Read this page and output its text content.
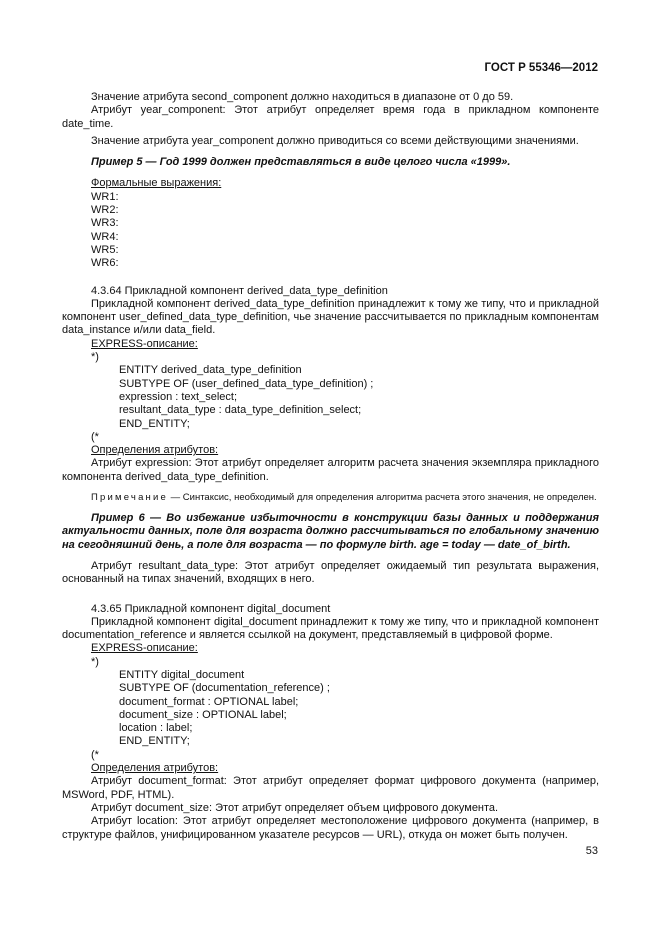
ГОСТ Р 55346—2012

Значение атрибута second_component должно находиться в диапазоне от 0 до 59.

Атрибут year_component: Этот атрибут определяет время года в прикладном компоненте date_time.

Значение атрибута year_component должно приводиться со всеми действующими значениями.

Пример 5 — Год 1999 должен представляться в виде целого числа «1999».

Формальные выражения:

WR1:

WR2:

WR3:

WR4:

WR5:

WR6:

4.3.64 Прикладной компонент derived_data_type_definition

Прикладной компонент derived_data_type_definition принадлежит к тому же типу, что и прикладной компонент user_defined_data_type_definition, чье значение рассчитывается по прикладным компонентам data_instance и/или data_field.

EXPRESS-описание:

*)

ENTITY derived_data_type_definition

SUBTYPE OF (user_defined_data_type_definition) ;

expression : text_select;

resultant_data_type : data_type_definition_select;

END_ENTITY;

(*

Определения атрибутов:

Атрибут expression: Этот атрибут определяет алгоритм расчета значения экземпляра прикладного компонента derived_data_type_definition.

Примечание — Синтаксис, необходимый для определения алгоритма расчета этого значения, не определен.

Пример 6 — Во избежание избыточности в конструкции базы данных и поддержания актуальности данных, поле для возраста должно рассчитываться по глобальному значению на сегодняшний день, а поле для возраста — по формуле birth. age = today — date_of_birth.

Атрибут resultant_data_type: Этот атрибут определяет ожидаемый тип результата выражения, основанный на типах значений, входящих в него.

4.3.65 Прикладной компонент digital_document

Прикладной компонент digital_document принадлежит к тому же типу, что и прикладной компонент documentation_reference и является ссылкой на документ, представляемый в цифровой форме.

EXPRESS-описание:

*)

ENTITY digital_document

SUBTYPE OF (documentation_reference) ;

document_format : OPTIONAL label;

document_size : OPTIONAL label;

location : label;

END_ENTITY;

(*

Определения атрибутов:

Атрибут document_format: Этот атрибут определяет формат цифрового документа (например, MSWord, PDF, HTML).

Атрибут document_size: Этот атрибут определяет объем цифрового документа.

Атрибут location: Этот атрибут определяет местоположение цифрового документа (например, в структуре файлов, унифицированном указателе ресурсов — URL), откуда он может быть получен.

53
